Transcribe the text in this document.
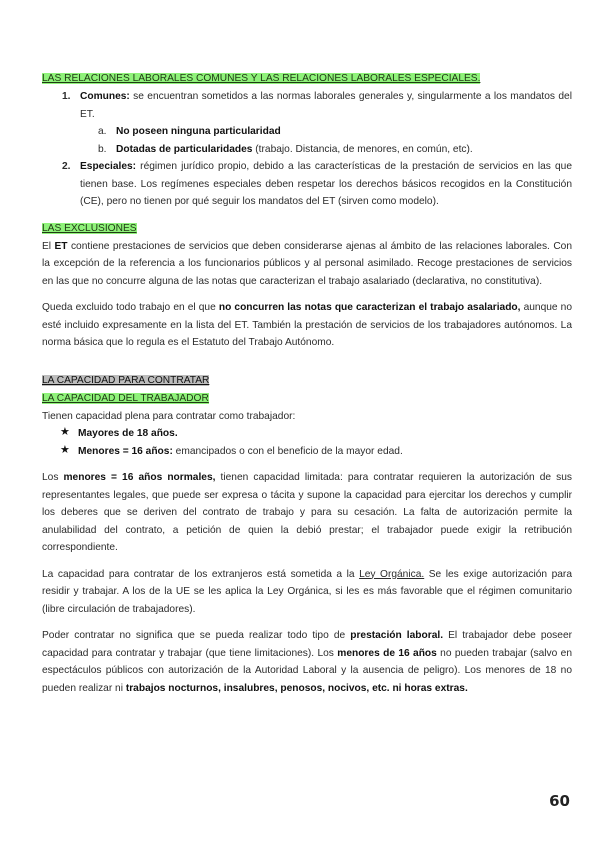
LAS RELACIONES LABORALES COMUNES Y LAS RELACIONES LABORALES ESPECIALES.
1. Comunes: se encuentran sometidos a las normas laborales generales y, singularmente a los mandatos del ET.
a. No poseen ninguna particularidad
b. Dotadas de particularidades (trabajo. Distancia, de menores, en común, etc).
2. Especiales: régimen jurídico propio, debido a las características de la prestación de servicios en las que tienen base. Los regímenes especiales deben respetar los derechos básicos recogidos en la Constitución (CE), pero no tienen por qué seguir los mandatos del ET (sirven como modelo).
LAS EXCLUSIONES

El ET contiene prestaciones de servicios que deben considerarse ajenas al ámbito de las relaciones laborales. Con la excepción de la referencia a los funcionarios públicos y al personal asimilado. Recoge prestaciones de servicios en las que no concurre alguna de las notas que caracterizan el trabajo asalariado (declarativa, no constitutiva).

Queda excluido todo trabajo en el que no concurren las notas que caracterizan el trabajo asalariado, aunque no esté incluido expresamente en la lista del ET. También la prestación de servicios de los trabajadores autónomos. La norma básica que lo regula es el Estatuto del Trabajo Autónomo.

LA CAPACIDAD PARA CONTRATAR
LA CAPACIDAD DEL TRABAJADOR

Tienen capacidad plena para contratar como trabajador:

★ Mayores de 18 años.
★ Menores = 16 años: emancipados o con el beneficio de la mayor edad.

Los menores = 16 años normales, tienen capacidad limitada: para contratar requieren la autorización de sus representantes legales, que puede ser expresa o tácita y supone la capacidad para ejercitar los derechos y cumplir los deberes que se deriven del contrato de trabajo y para su cesación. La falta de autorización permite la anulabilidad del contrato, a petición de quien la debió prestar; el trabajador puede exigir la retribución correspondiente.

La capacidad para contratar de los extranjeros está sometida a la Ley Orgánica. Se les exige autorización para residir y trabajar. A los de la UE se les aplica la Ley Orgánica, si les es más favorable que el régimen comunitario (libre circulación de trabajadores).

Poder contratar no significa que se pueda realizar todo tipo de prestación laboral. El trabajador debe poseer capacidad para contratar y trabajar (que tiene limitaciones). Los menores de 16 años no pueden trabajar (salvo en espectáculos públicos con autorización de la Autoridad Laboral y la ausencia de peligro). Los menores de 18 no pueden realizar ni trabajos nocturnos, insalubres, penosos, nocivos, etc. ni horas extras.

60
